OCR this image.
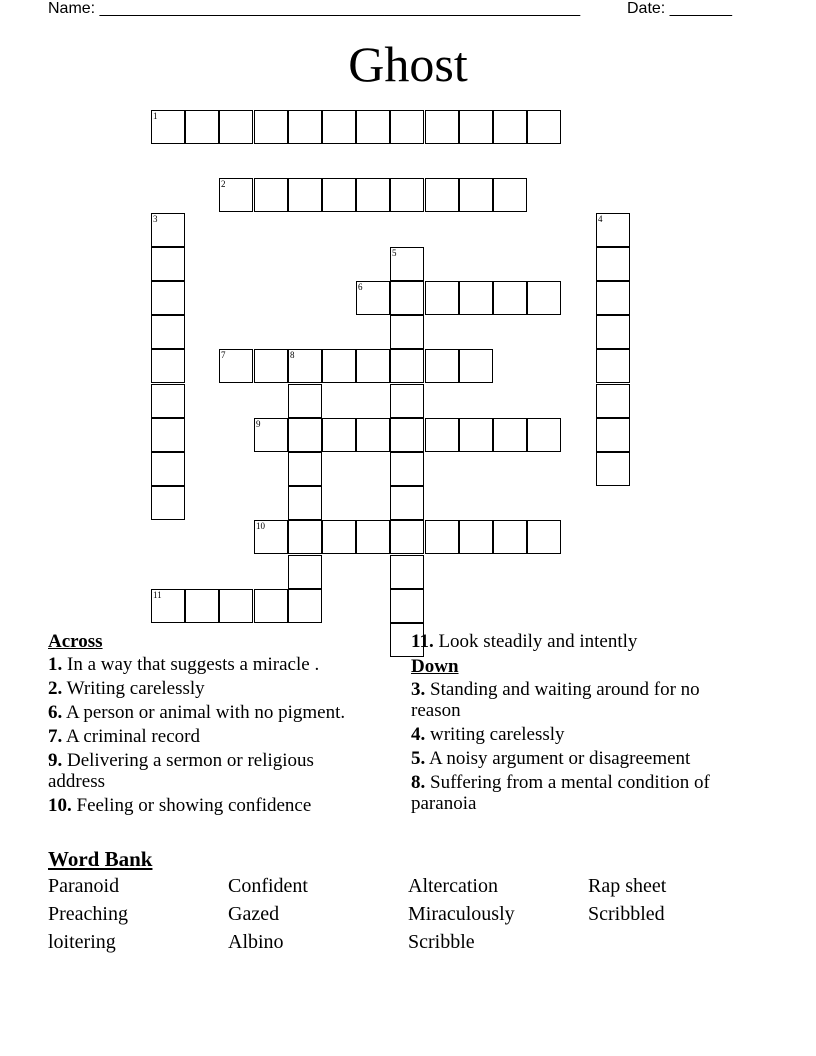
Name: ______________________________________________________	Date: _______
Ghost
1
2
3	4
5
6
7	8
9
10
11
Across
1. In a way that suggests a miracle .
2. Writing carelessly
6. A person or animal with no pigment.
7. A criminal record
9. Delivering a sermon or religious address
10. Feeling or showing confidence
11. Look steadily and intently
Down
3. Standing and waiting around for no reason
4. writing carelessly
5. A noisy argument or disagreement
8. Suffering from a mental condition of paranoia
Word Bank
Paranoid	Confident	Altercation	Rap sheet
Preaching	Gazed	Miraculously	Scribbled
loitering	Albino	Scribble
